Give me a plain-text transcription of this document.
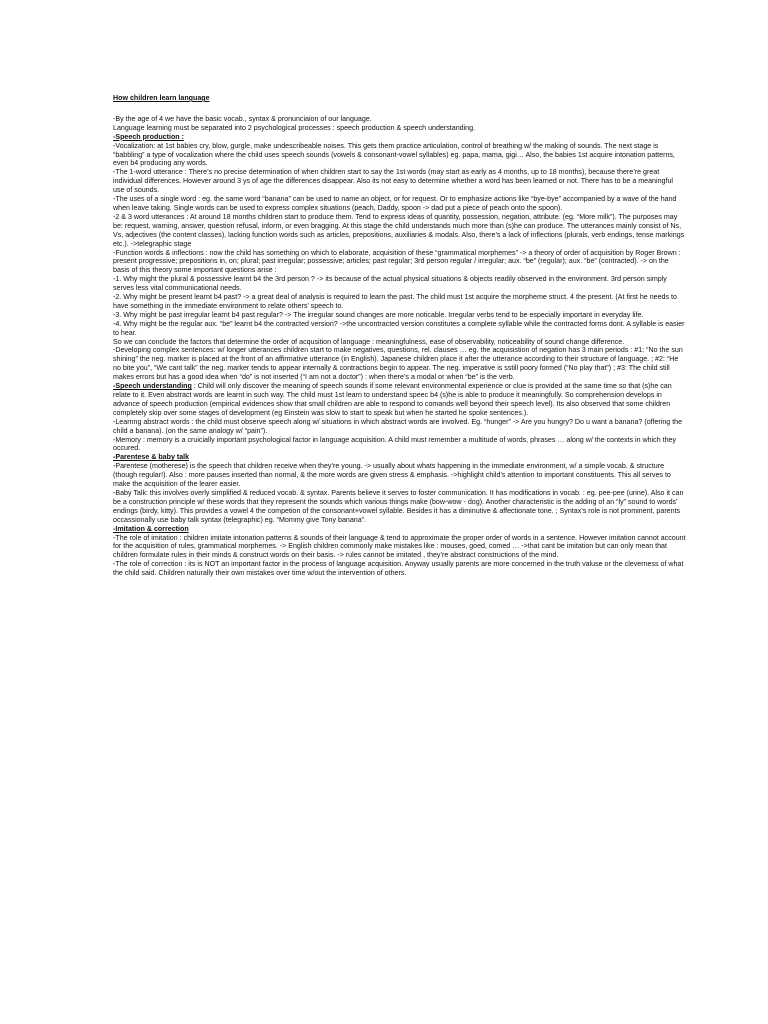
How children learn language
-By the age of 4 we have the basic vocab., syntax & pronunciaion of our language.
Language learning must be separated into 2 psychological processes : speech production & speech understanding.
-Speech production :
-Vocalization: at 1st babies cry, blow, gurgle, make undescribeable noises. This gets them practice articulation, control of breathing w/ the making of sounds. The next stage is “babbling” a type of vocalization where the child uses speech sounds (vowels & consonant-vowel syllables) eg. papa, mama, gigi… Also, the babies 1st acquire intonation patterns, even b4 producing any words.
-The 1-word utterance : There’s no precise determination of when children start to say the 1st words (may start as early as 4 months, up to 18 months), because there’re great individual differences. However around 3 ys of age the differences disappear. Also its not easy to determine whether a word has been learned or not. There has to be a meaningful use of sounds.
-The uses of a single word : eg. the same word “banana” can be used to name an object, or for request. Or to emphasize actions like “bye-bye” accompanied by a wave of the hand when leave taking. Single words can be used to express complex situations (peach, Daddy, spoon -> dad put a piece of peach onto the spoon).
-2 & 3 word utterances : At around 18 months children start to produce them. Tend to express ideas of quantity, possession, negation, attribute. (eg. “More milk”). The purposes may be: request, warning, answer, question refusal, inform, or even bragging. At this stage the child understands much more than (s)he can produce. The utterances mainly consist of Ns, Vs, adjectives (the content classes), lacking function words such as articles, prepositions, auxiliaries & modals. Also, there’s a lack of inflections (plurals, verb endings, tense markings etc.). ->telegraphic stage
-Function words & inflections : now the child has something on which to elaborate, acquisition of these “grammatical morphemes” -> a theory of order of acquisition by Roger Brown : present progressive; prepositions in, on; plural; past irregular; possessive; articles; past regular; 3rd person regular / irregular; aux. “be” (regular); aux. “be” (contracted). -> on the basis of this theory some important questions arise :
-1. Why might the plural & possessive learnt b4 the 3rd person ? -> its because of the actual physical situations & objects readily observed in the environment. 3rd person simply serves less vital communicational needs.
-2. Why might be present learnt b4 past? -> a great deal of analysis is required to learn the past. The child must 1st acquire the morpheme struct. 4 the present. (At first he needs to have something in the immediate environment to relate others’ speech to.
-3. Why might be past irregular learnt b4 past regular? -> The irregular sound changes are more noticable. Irregular verbs tend to be especially important in everyday life.
-4. Why might be the regular aux. “be” learnt b4 the contracted version? ->the uncontracted version constitutes a complete syllable while the contracted forms dont. A syllable is easier to hear.
So we can conclude the factors that determine the order of acqusition of language : meaningfulness, ease of observability, noticeability of sound change difference.
-Developing complex sentences: w/ longer utterances children start to make negatives, questions, rel. clauses … eg. the acquisistion of negation has 3 main periods : #1: “No the sun shining” the neg. marker is placed at the front of an affirmative utterance (in English). Japanese children place it after the utterance according to their structure of language. ; #2: “He no bite you”, “We cant talk” the neg. marker tends to appear internally & contractions begin to appear. The neg. imperative is sstill poory formed (“No play that”) ; #3: The child still makes errors but has a good idea when “do” is not inserted (“I am not a doctor”) : when there’s a modal or when “be” is the verb.
-Speech understanding : Child will only discover the meaning of speech sounds if some relevant environmental experience or clue is provided at the same time so that (s)he can relate to it. Even abstract words are learnt in such way. The child must 1st learn to understand speec b4 (s)he is able to produce it meaningfully. So comprehension develops in advance of speech production (empirical evidences show that small children are able to respond to comands well beyond their speech level). Its also observed that some children completely skip over some stages of development (eg Einstein was slow to start to speak but when he started he spoke sentences.).
-Learnng abstract words : the child must observe speech along w/ situations in which abstract words are involved. Eg. “hunger” -> Are you hungry? Do u want a banana? (offering the child a banana). (on the same analogy w/ “pain”).
-Memory : memory is a cruicially important psychological factor in language acquisition. A child must remember a multitude of words, phrases … along w/ the contexts in which they occured.
-Parentese & baby talk
-Parentese (motherese) is the speech that children receive when they’re young. -> usually about whats happening in the immediate environment, w/ a simple vocab. & structure (though regular!). Also : more pauses inserted than normal, & the more words are given stress & emphasis. ->highlight child’s attention to important constituents. This all serves to make the acquisition of the learer easier.
-Baby Talk: this involves overly simplified & reduced vocab. & syntax. Parents believe it serves to foster communication. It has modifications in vocab. : eg. pee-pee (urine). Also it can be a construction principle w/ these words that they represent the sounds which various things make (bow-wow - dog). Another characteristic is the adding of an “ly” sound to words’ endings (birdy, kitty). This provides a vowel 4 the competion of the consonant+vowel syllable. Besides it has a diminutive & affectionate tone. ; Syntax’s role is not prominent, parents occassionally use baby talk syntax (telegraphic) eg. “Mommy give Tony banana”.
-Imitation & correction
-The role of imitation : children imitate intonation patterns & sounds of their language & tend to approximate the proper order of words in a sentence. However imitation cannot account for the acquisition of rules, grammatical morphemes. -> English children commonly make mistakes like : mouses, goed, comed … ->that cant be imitation but can only mean that children formulate rules in their minds & construct words on their basis. -> rules cannot be imitated , they’re abstract constructions of the mind.
-The role of correction : its is NOT an important factor in the process of language acquisition. Anyway usually parents are more concerned in the truth valuse or the cleverness of what the child said. Children naturally their own mistakes over time w/out the intervention of others.
